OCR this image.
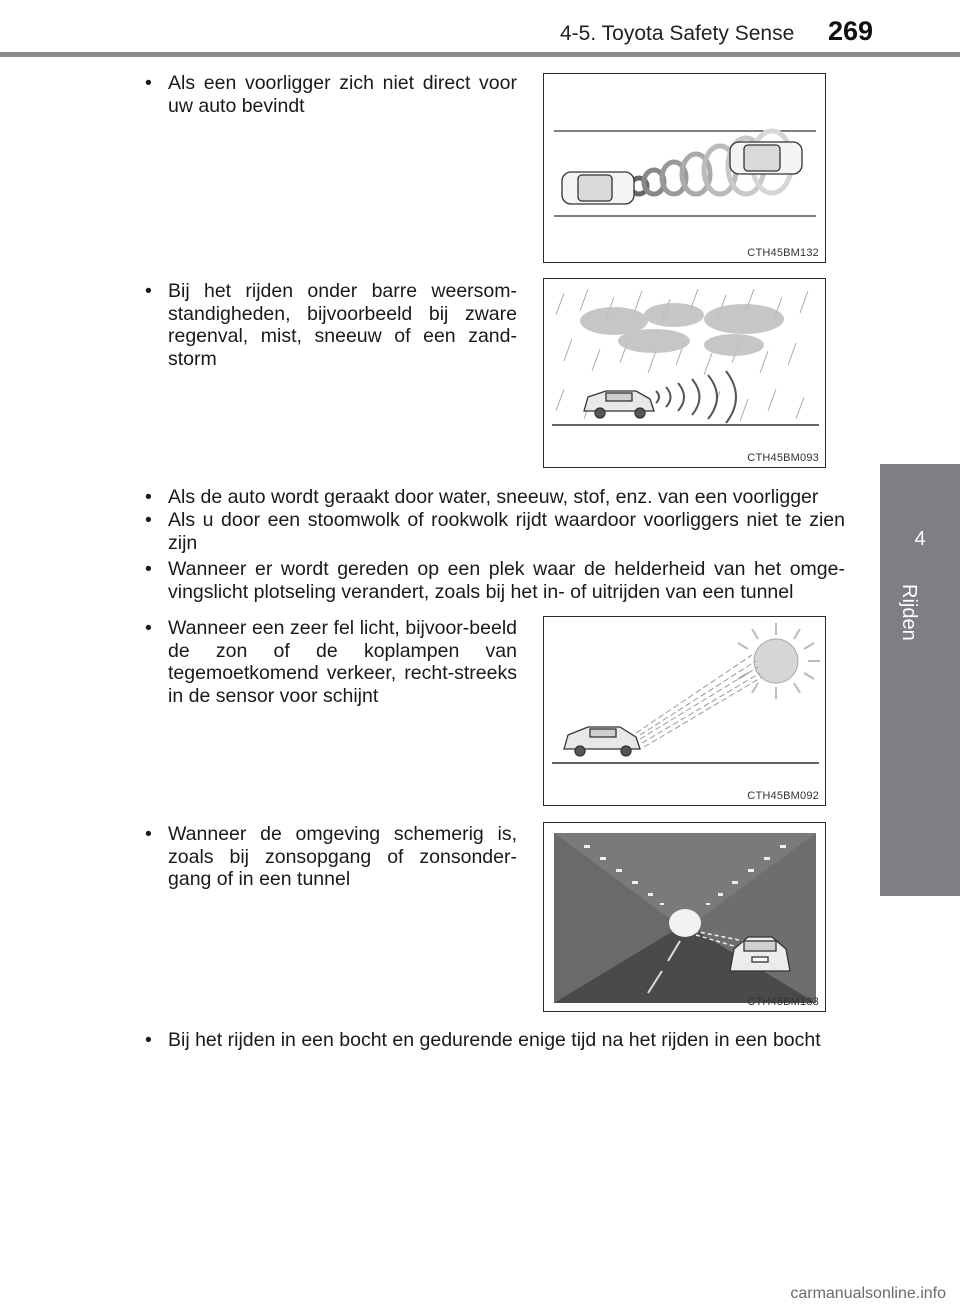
4-5. Toyota Safety Sense 269
4
Rijden
• Als een voorligger zich niet direct voor uw auto bevindt
CTH45BM132
• Bij het rijden onder barre weersom-standigheden, bijvoorbeeld bij zware regenval, mist, sneeuw of een zand-storm
CTH45BM093
• Als de auto wordt geraakt door water, sneeuw, stof, enz. van een voorligger
• Als u door een stoomwolk of rookwolk rijdt waardoor voorliggers niet te zien zijn
• Wanneer er wordt gereden op een plek waar de helderheid van het omge-vingslicht plotseling verandert, zoals bij het in- of uitrijden van een tunnel
• Wanneer een zeer fel licht, bijvoor-beeld de zon of de koplampen van tegemoetkomend verkeer, recht-streeks in de sensor voor schijnt
CTH45BM092
• Wanneer de omgeving schemerig is, zoals bij zonsopgang of zonsonder-gang of in een tunnel
CTH45BM133
• Bij het rijden in een bocht en gedurende enige tijd na het rijden in een bocht
carmanualsonline.info
